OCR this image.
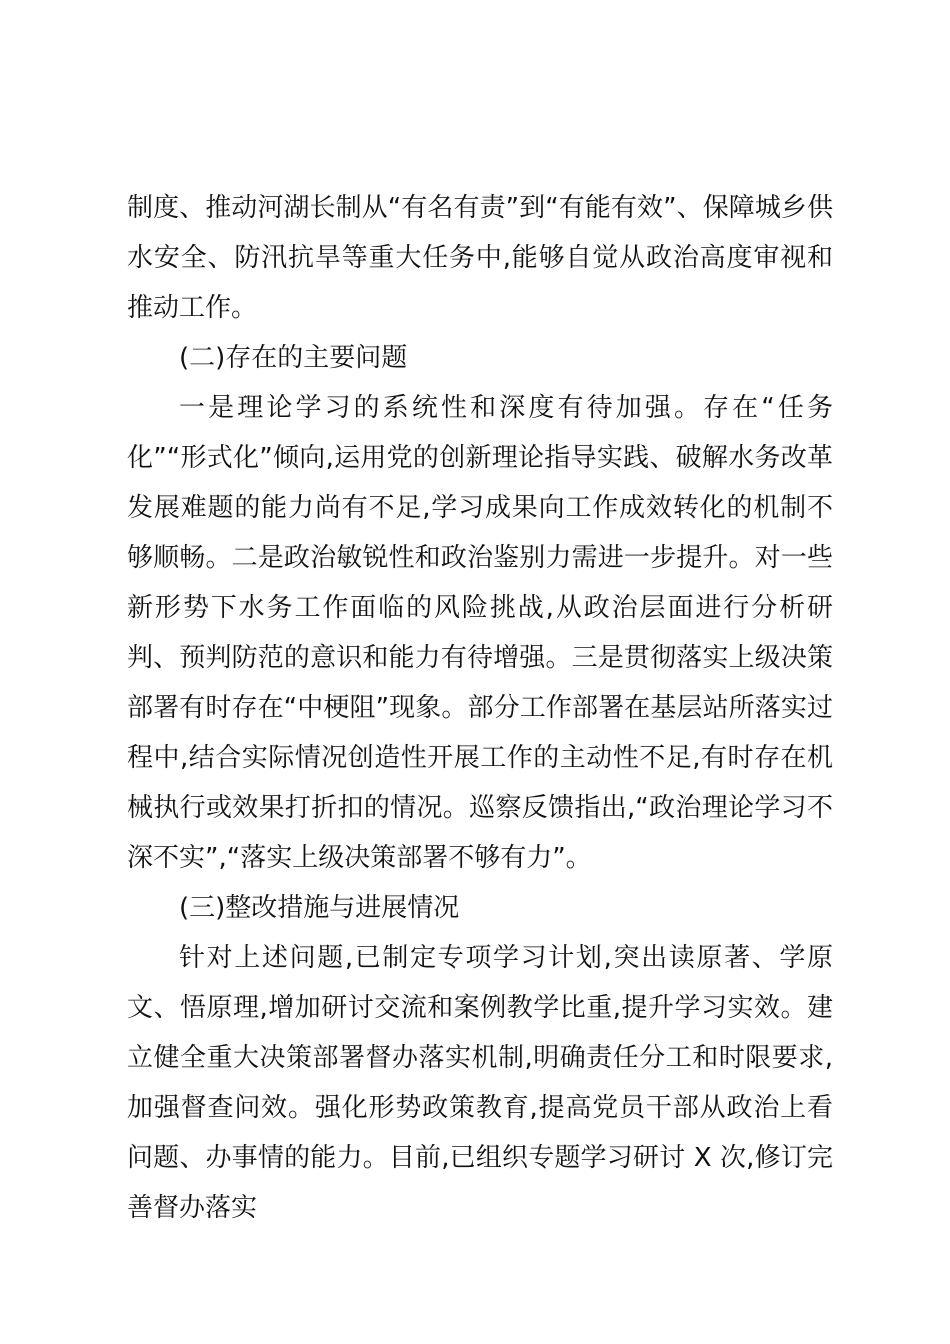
制度、推动河湖长制从“有名有责”到“有能有效”、保障城乡供水安全、防汛抗旱等重大任务中,能够自觉从政治高度审视和推动工作。

(二)存在的主要问题

一是理论学习的系统性和深度有待加强。存在“任务化”“形式化”倾向,运用党的创新理论指导实践、破解水务改革发展难题的能力尚有不足,学习成果向工作成效转化的机制不够顺畅。二是政治敏锐性和政治鉴别力需进一步提升。对一些新形势下水务工作面临的风险挑战,从政治层面进行分析研判、预判防范的意识和能力有待增强。三是贯彻落实上级决策部署有时存在“中梗阻”现象。部分工作部署在基层站所落实过程中,结合实际情况创造性开展工作的主动性不足,有时存在机械执行或效果打折扣的情况。巡察反馈指出,“政治理论学习不深不实”,“落实上级决策部署不够有力”。

(三)整改措施与进展情况

针对上述问题,已制定专项学习计划,突出读原著、学原文、悟原理,增加研讨交流和案例教学比重,提升学习实效。建立健全重大决策部署督办落实机制,明确责任分工和时限要求,加强督查问效。强化形势政策教育,提高党员干部从政治上看问题、办事情的能力。目前,已组织专题学习研讨 X 次,修订完善督办落实
